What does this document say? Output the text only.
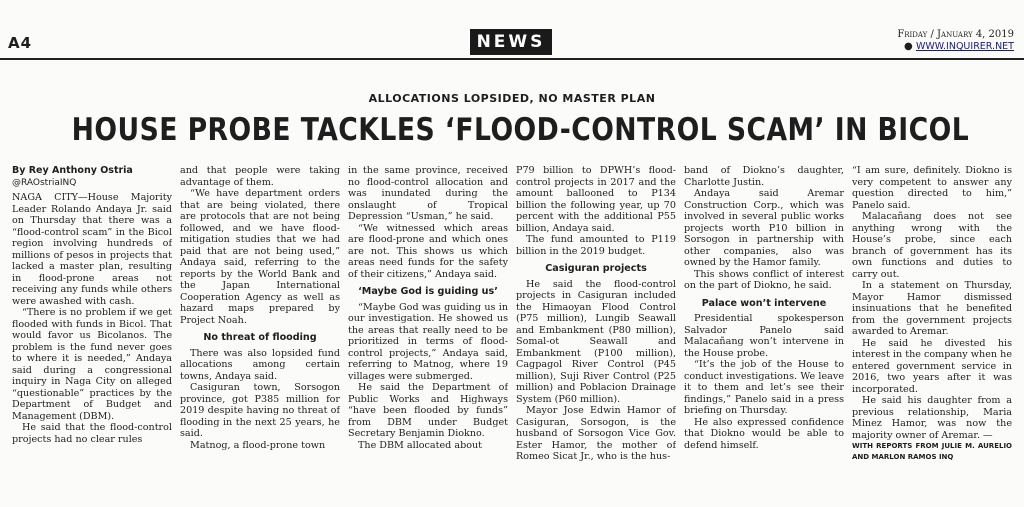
A4	NEWS	Friday / January 4, 2019
● WWW.INQUIRER.NET
ALLOCATIONS LOPSIDED, NO MASTER PLAN
HOUSE PROBE TACKLES ‘FLOOD-CONTROL SCAM’ IN BICOL
By Rey Anthony Ostria
@RAOstriaINQ

NAGA CITY—House Majority Leader Rolando Andaya Jr. said on Thursday that there was a “flood-control scam” in the Bicol region involving hundreds of millions of pesos in projects that lacked a master plan, resulting in flood-prone areas not receiving any funds while others were awashed with cash.

“There is no problem if we get flooded with funds in Bicol. That would favor us Bicolanos. The problem is the fund never goes to where it is needed,” Andaya said during a congressional inquiry in Naga City on alleged “questionable” practices by the Department of Budget and Management (DBM).

He said that the flood-control projects had no clear rules

and that people were taking advantage of them.

“We have department orders that are being violated, there are protocols that are not being followed, and we have flood-mitigation studies that we had paid that are not being used,” Andaya said, referring to the reports by the World Bank and the Japan International Cooperation Agency as well as hazard maps prepared by Project Noah.

No threat of flooding

There was also lopsided fund allocations among certain towns, Andaya said.

Casiguran town, Sorsogon province, got P385 million for 2019 despite having no threat of flooding in the next 25 years, he said.

Matnog, a flood-prone town

in the same province, received no flood-control allocation and was inundated during the onslaught of Tropical Depression “Usman,” he said.

“We witnessed which areas are flood-prone and which ones are not. This shows us which areas need funds for the safety of their citizens,” Andaya said.

‘Maybe God is guiding us’

“Maybe God was guiding us in our investigation. He showed us the areas that really need to be prioritized in terms of flood-control projects,” Andaya said, referring to Matnog, where 19 villages were submerged.

He said the Department of Public Works and Highways “have been flooded by funds” from DBM under Budget Secretary Benjamin Diokno.

The DBM allocated about

P79 billion to DPWH’s flood-control projects in 2017 and the amount ballooned to P134 billion the following year, up 70 percent with the additional P55 billion, Andaya said.

The fund amounted to P119 billion in the 2019 budget.

Casiguran projects

He said the flood-control projects in Casiguran included the Himaoyan Flood Control (P75 million), Lungib Seawall and Embankment (P80 million), Somal-ot Seawall and Embankment (P100 million), Cagpagol River Control (P45 million), Suji River Control (P25 million) and Poblacion Drainage System (P60 million).

Mayor Jose Edwin Hamor of Casiguran, Sorsogon, is the husband of Sorsogon Vice Gov. Ester Hamor, the mother of Romeo Sicat Jr., who is the hus-

band of Diokno’s daughter, Charlotte Justin.

Andaya said Aremar Construction Corp., which was involved in several public works projects worth P10 billion in Sorsogon in partnership with other companies, also was owned by the Hamor family.

This shows conflict of interest on the part of Diokno, he said.

Palace won’t intervene

Presidential spokesperson Salvador Panelo said Malacañang won’t intervene in the House probe.

“It’s the job of the House to conduct investigations. We leave it to them and let’s see their findings,” Panelo said in a press briefing on Thursday.

He also expressed confidence that Diokno would be able to defend himself.

“I am sure, definitely. Diokno is very competent to answer any question directed to him,” Panelo said.

Malacañang does not see anything wrong with the House’s probe, since each branch of government has its own functions and duties to carry out.

In a statement on Thursday, Mayor Hamor dismissed insinuations that he benefited from the government projects awarded to Aremar.

He said he divested his interest in the company when he entered government service in 2016, two years after it was incorporated.

He said his daughter from a previous relationship, Maria Minez Hamor, was now the majority owner of Aremar. —

WITH REPORTS FROM JULIE M. AURELIO AND MARLON RAMOS INQ
